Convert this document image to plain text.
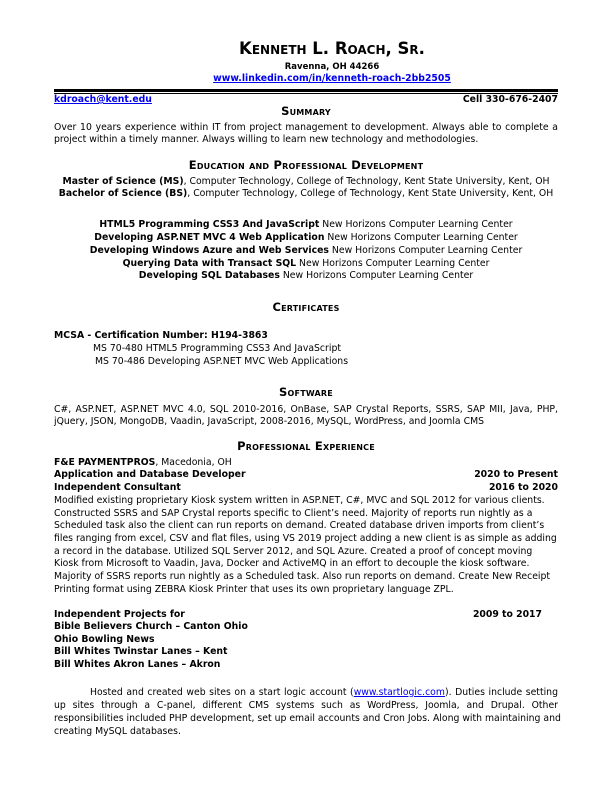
Kenneth L. Roach, Sr.
Ravenna, OH 44266
www.linkedin.com/in/kenneth-roach-2bb2505
kdroach@kent.edu	Cell 330-676-2407
Summary
Over 10 years experience within IT from project management to development. Always able to complete a
project within a timely manner. Always willing to learn new technology and methodologies.
Education and Professional Development
Master of Science (MS), Computer Technology, College of Technology, Kent State University, Kent, OH
Bachelor of Science (BS), Computer Technology, College of Technology, Kent State University, Kent, OH
HTML5 Programming CSS3 And JavaScript New Horizons Computer Learning Center
Developing ASP.NET MVC 4 Web Application New Horizons Computer Learning Center
Developing Windows Azure and Web Services New Horizons Computer Learning Center
Querying Data with Transact SQL New Horizons Computer Learning Center
Developing SQL Databases New Horizons Computer Learning Center
Certificates
MCSA - Certification Number: H194-3863
MS 70-480 HTML5 Programming CSS3 And JavaScript
MS 70-486 Developing ASP.NET MVC Web Applications
Software
C#, ASP.NET, ASP.NET MVC 4.0, SQL 2010-2016, OnBase, SAP Crystal Reports, SSRS, SAP MII, Java, PHP,
jQuery, JSON, MongoDB, Vaadin, JavaScript, 2008-2016, MySQL, WordPress, and Joomla CMS
Professional Experience
F&E PAYMENTPROS, Macedonia, OH
Application and Database Developer	2020 to Present
Independent Consultant	2016 to 2020
Modified existing proprietary Kiosk system written in ASP.NET, C#, MVC and SQL 2012 for various clients.
Constructed SSRS and SAP Crystal reports specific to Client’s need. Majority of reports run nightly as a
Scheduled task also the client can run reports on demand. Created database driven imports from client’s
files ranging from excel, CSV and flat files, using VS 2019 project adding a new client is as simple as adding
a record in the database. Utilized SQL Server 2012, and SQL Azure. Created a proof of concept moving
Kiosk from Microsoft to Vaadin, Java, Docker and ActiveMQ in an effort to decouple the kiosk software.
Majority of SSRS reports run nightly as a Scheduled task. Also run reports on demand. Create New Receipt
Printing format using ZEBRA Kiosk Printer that uses its own proprietary language ZPL.
Independent Projects for	2009 to 2017
Bible Believers Church – Canton Ohio
Ohio Bowling News
Bill Whites Twinstar Lanes – Kent
Bill Whites Akron Lanes – Akron
Hosted and created web sites on a start logic account (www.startlogic.com). Duties include setting
up sites through a C-panel, different CMS systems such as WordPress, Joomla, and Drupal. Other
responsibilities included PHP development, set up email accounts and Cron Jobs. Along with maintaining and
creating MySQL databases.
